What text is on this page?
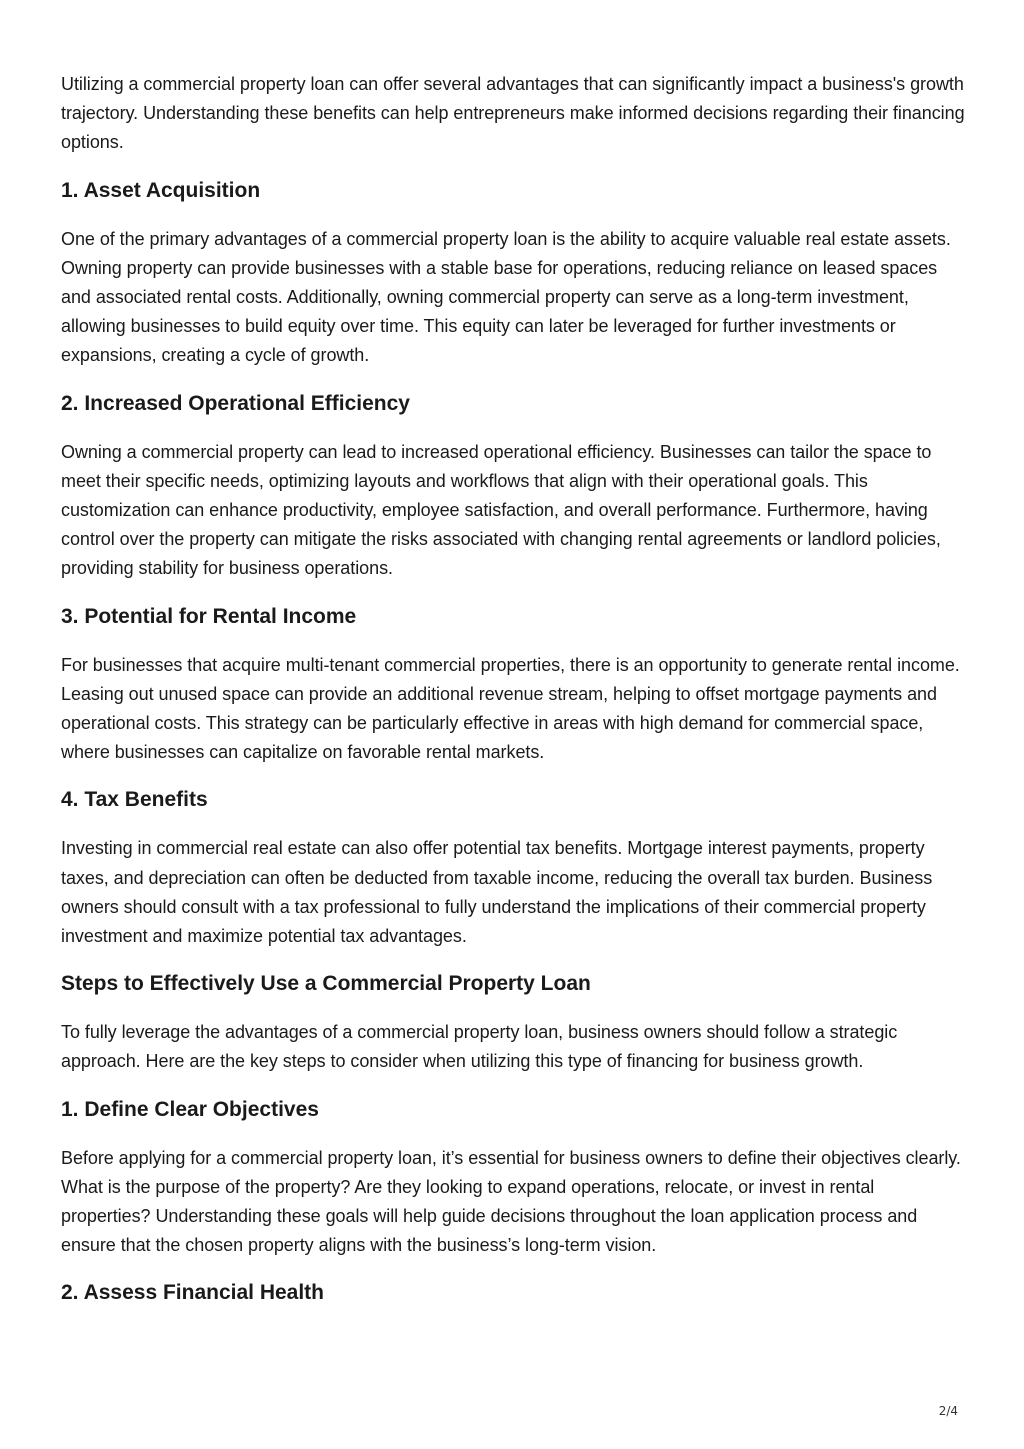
Utilizing a commercial property loan can offer several advantages that can significantly impact a business's growth trajectory. Understanding these benefits can help entrepreneurs make informed decisions regarding their financing options.

1. Asset Acquisition

One of the primary advantages of a commercial property loan is the ability to acquire valuable real estate assets. Owning property can provide businesses with a stable base for operations, reducing reliance on leased spaces and associated rental costs. Additionally, owning commercial property can serve as a long-term investment, allowing businesses to build equity over time. This equity can later be leveraged for further investments or expansions, creating a cycle of growth.

2. Increased Operational Efficiency

Owning a commercial property can lead to increased operational efficiency. Businesses can tailor the space to meet their specific needs, optimizing layouts and workflows that align with their operational goals. This customization can enhance productivity, employee satisfaction, and overall performance. Furthermore, having control over the property can mitigate the risks associated with changing rental agreements or landlord policies, providing stability for business operations.

3. Potential for Rental Income

For businesses that acquire multi-tenant commercial properties, there is an opportunity to generate rental income. Leasing out unused space can provide an additional revenue stream, helping to offset mortgage payments and operational costs. This strategy can be particularly effective in areas with high demand for commercial space, where businesses can capitalize on favorable rental markets.

4. Tax Benefits

Investing in commercial real estate can also offer potential tax benefits. Mortgage interest payments, property taxes, and depreciation can often be deducted from taxable income, reducing the overall tax burden. Business owners should consult with a tax professional to fully understand the implications of their commercial property investment and maximize potential tax advantages.

Steps to Effectively Use a Commercial Property Loan

To fully leverage the advantages of a commercial property loan, business owners should follow a strategic approach. Here are the key steps to consider when utilizing this type of financing for business growth.

1. Define Clear Objectives

Before applying for a commercial property loan, it’s essential for business owners to define their objectives clearly. What is the purpose of the property? Are they looking to expand operations, relocate, or invest in rental properties? Understanding these goals will help guide decisions throughout the loan application process and ensure that the chosen property aligns with the business’s long-term vision.

2. Assess Financial Health
2/4
